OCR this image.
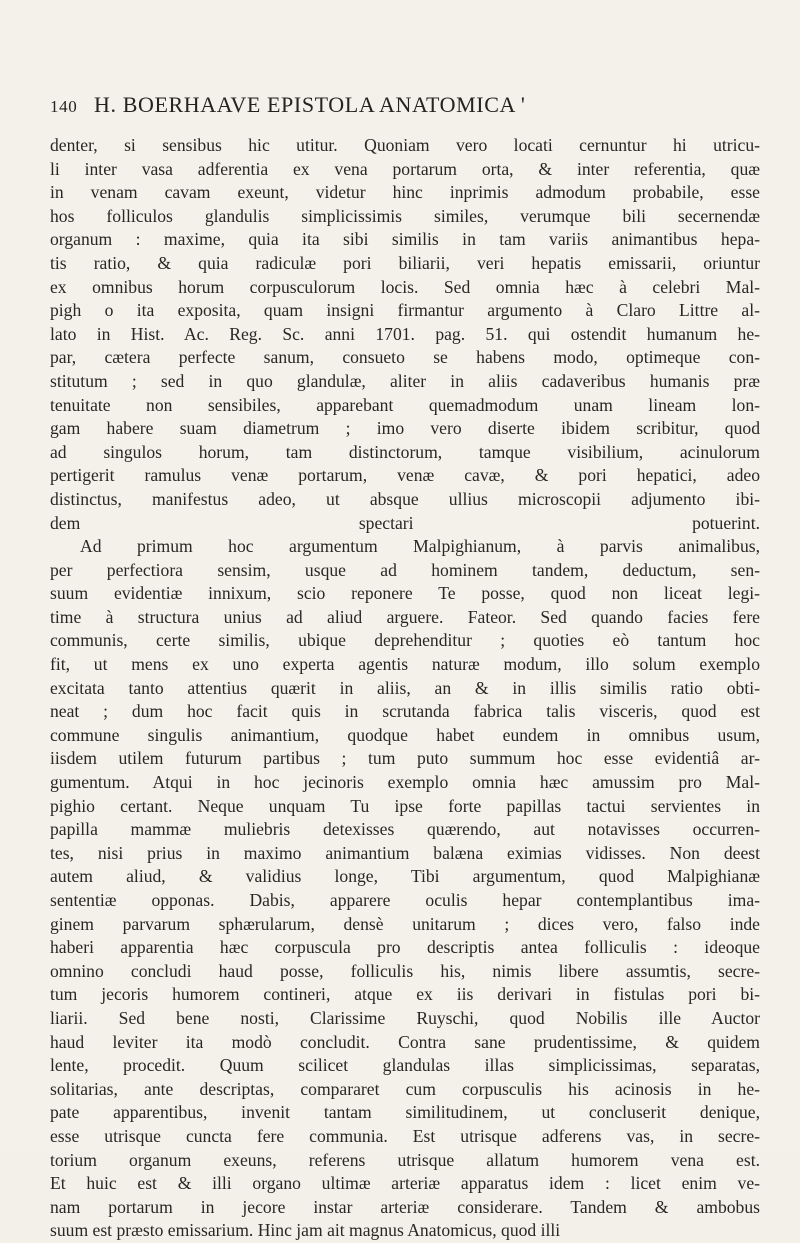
140 H. BOERHAAVE EPISTOLA ANATOMICA '
denter, si sensibus hic utitur. Quoniam vero locati cernuntur hi utricu-
li inter vasa adferentia ex vena portarum orta, & inter referentia, quæ
in venam cavam exeunt, videtur hinc inprimis admodum probabile, esse
hos folliculos glandulis simplicissimis similes, verumque bili secernendæ
organum : maxime, quia ita sibi similis in tam variis animantibus hepa-
tis ratio, & quia radiculæ pori biliarii, veri hepatis emissarii, oriuntur
ex omnibus horum corpusculorum locis. Sed omnia hæc à celebri Mal-
pigh o ita exposita, quam insigni firmantur argumento à Claro Littre al-
lato in Hist. Ac. Reg. Sc. anni 1701. pag. 51. qui ostendit humanum he-
par, cætera perfecte sanum, consueto se habens modo, optimeque con-
stitutum ; sed in quo glandulæ, aliter in aliis cadaveribus humanis præ
tenuitate non sensibiles, apparebant quemadmodum unam lineam lon-
gam habere suam diametrum ; imo vero diserte ibidem scribitur, quod
ad singulos horum, tam distinctorum, tamque visibilium, acinulorum
pertigerit ramulus venæ portarum, venæ cavæ, & pori hepatici, adeo
distinctus, manifestus adeo, ut absque ullius microscopii adjumento ibi-
dem spectari potuerint.
Ad primum hoc argumentum Malpighianum, à parvis animalibus,
per perfectiora sensim, usque ad hominem tandem, deductum, sen-
suum evidentiæ innixum, scio reponere Te posse, quod non liceat legi-
time à structura unius ad aliud arguere. Fateor. Sed quando facies fere
communis, certe similis, ubique deprehenditur ; quoties eò tantum hoc
fit, ut mens ex uno experta agentis naturæ modum, illo solum exemplo
excitata tanto attentius quærit in aliis, an & in illis similis ratio obti-
neat ; dum hoc facit quis in scrutanda fabrica talis visceris, quod est
commune singulis animantium, quodque habet eundem in omnibus usum,
iisdem utilem futurum partibus ; tum puto summum hoc esse evidentiâ ar-
gumentum. Atqui in hoc jecinoris exemplo omnia hæc amussim pro Mal-
pighio certant. Neque unquam Tu ipse forte papillas tactui servientes in
papilla mammæ muliebris detexisses quærendo, aut notavisses occurren-
tes, nisi prius in maximo animantium balæna eximias vidisses. Non deest
autem aliud, & validius longe, Tibi argumentum, quod Malpighianæ
sententiæ opponas. Dabis, apparere oculis hepar contemplantibus ima-
ginem parvarum sphærularum, densè unitarum ; dices vero, falso inde
haberi apparentia hæc corpuscula pro descriptis antea folliculis : ideoque
omnino concludi haud posse, folliculis his, nimis libere assumtis, secre-
tum jecoris humorem contineri, atque ex iis derivari in fistulas pori bi-
liarii. Sed bene nosti, Clarissime Ruyschi, quod Nobilis ille Auctor
haud leviter ita modò concludit. Contra sane prudentissime, & quidem
lente, procedit. Quum scilicet glandulas illas simplicissimas, separatas,
solitarias, ante descriptas, compararet cum corpusculis his acinosis in he-
pate apparentibus, invenit tantam similitudinem, ut concluserit denique,
esse utrisque cuncta fere communia. Est utrisque adferens vas, in secre-
torium organum exeuns, referens utrisque allatum humorem vena est.
Et huic est & illi organo ultimæ arteriæ apparatus idem : licet enim ve-
nam portarum in jecore instar arteriæ considerare. Tandem & ambobus
suum est præsto emissarium. Hinc jam ait magnus Anatomicus, quod illi
